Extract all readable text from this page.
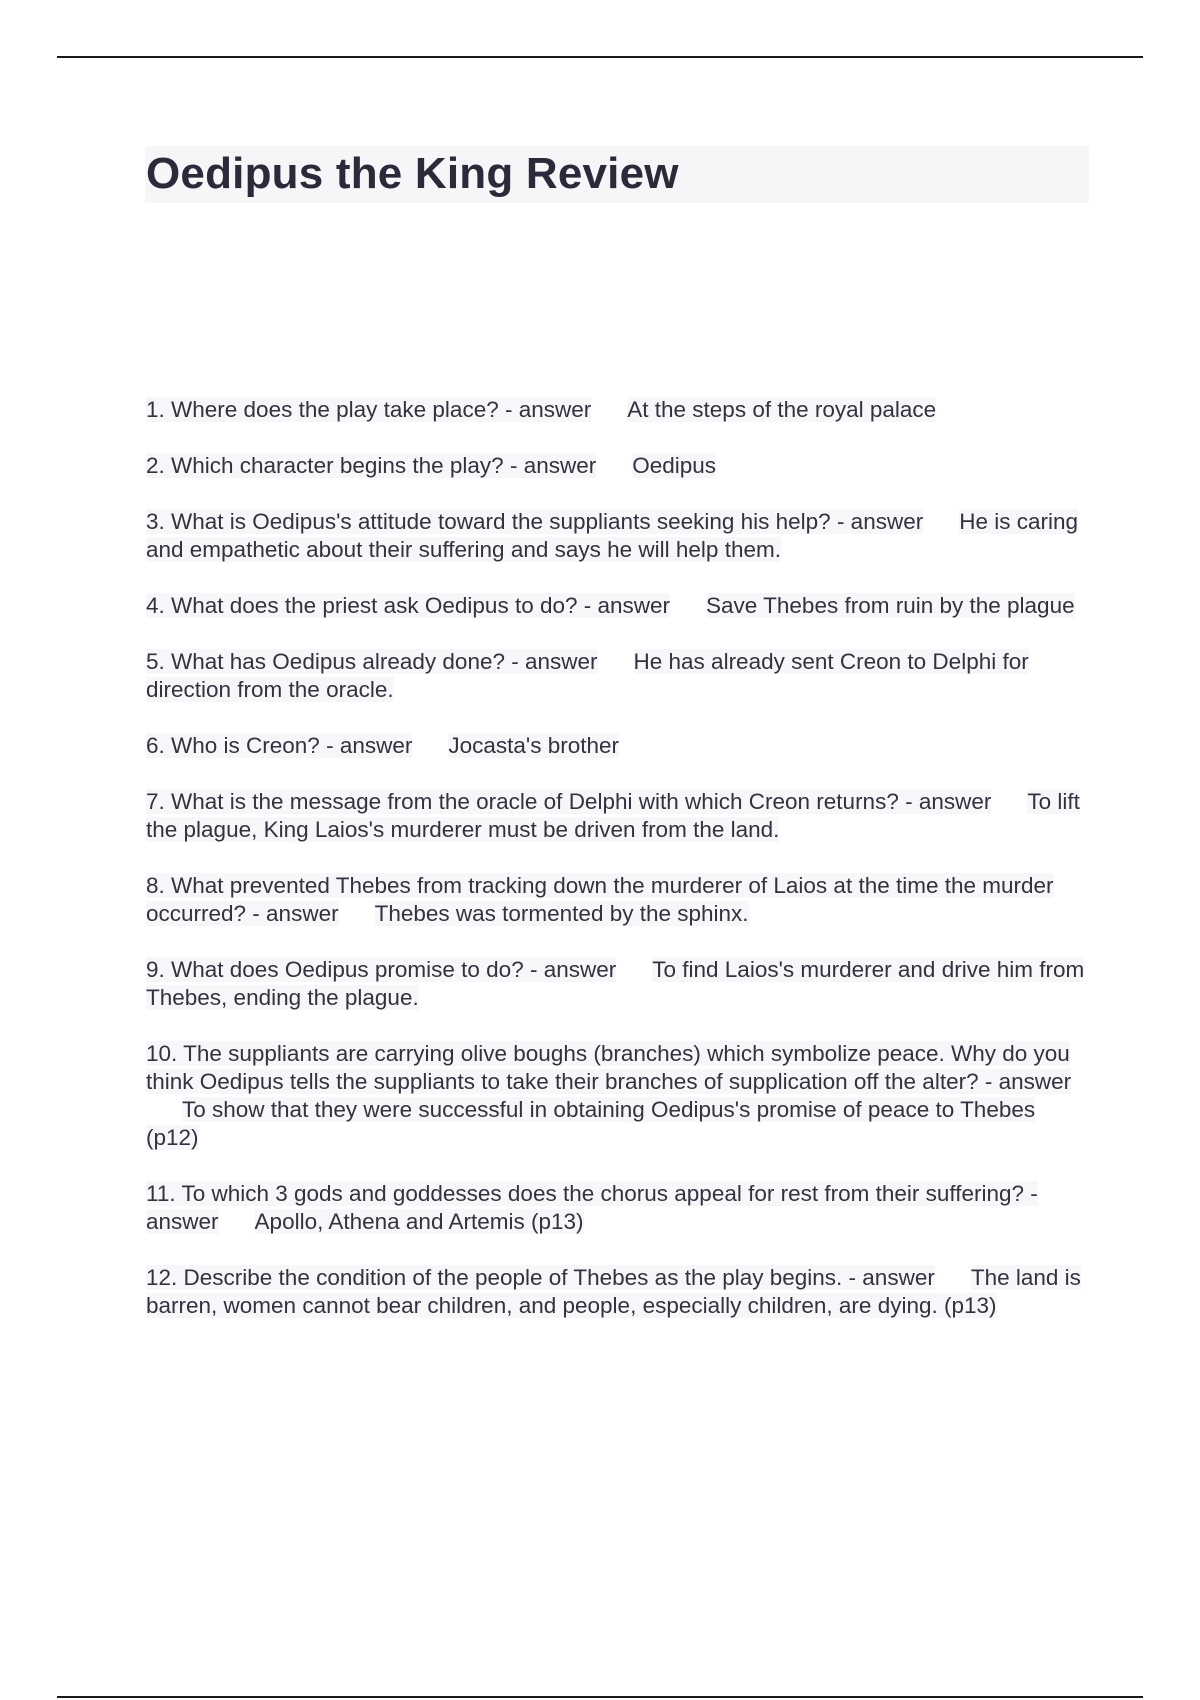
Oedipus the King Review
1. Where does the play take place? - answer At the steps of the royal palace
2. Which character begins the play? - answer Oedipus
3. What is Oedipus's attitude toward the suppliants seeking his help? - answer He is caring and empathetic about their suffering and says he will help them.
4. What does the priest ask Oedipus to do? - answer Save Thebes from ruin by the plague
5. What has Oedipus already done? - answer He has already sent Creon to Delphi for direction from the oracle.
6. Who is Creon? - answer Jocasta's brother
7. What is the message from the oracle of Delphi with which Creon returns? - answer To lift the plague, King Laios's murderer must be driven from the land.
8. What prevented Thebes from tracking down the murderer of Laios at the time the murder occurred? - answer Thebes was tormented by the sphinx.
9. What does Oedipus promise to do? - answer To find Laios's murderer and drive him from Thebes, ending the plague.
10. The suppliants are carrying olive boughs (branches) which symbolize peace. Why do you think Oedipus tells the suppliants to take their branches of supplication off the alter? - answerTo show that they were successful in obtaining Oedipus's promise of peace to Thebes (p12)
11. To which 3 gods and goddesses does the chorus appeal for rest from their suffering? - answer Apollo, Athena and Artemis (p13)
12. Describe the condition of the people of Thebes as the play begins. - answer The land is barren, women cannot bear children, and people, especially children, are dying. (p13)
